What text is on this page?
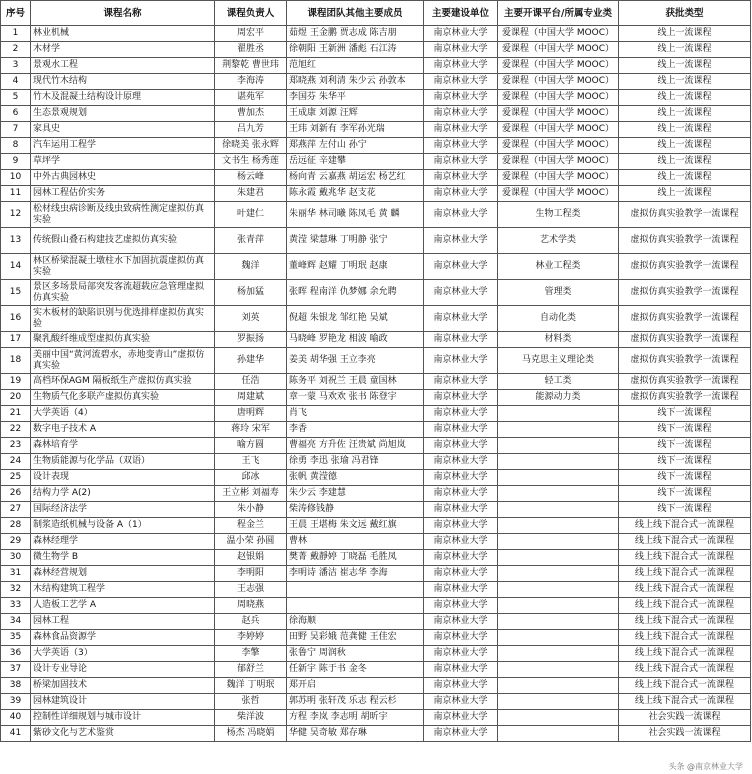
序号	课程名称	课程负责人	课程团队其他主要成员	主要建设单位	主要开课平台/所属专业类	获批类型
1	林业机械	周宏平	茹煜 王金鹏 贾志成 陈吉朋	南京林业大学	爱课程（中国大学 MOOC）	线上一流课程
2	木材学	翟胜丞	徐朝阳 王新洲 潘彪 石江涛	南京林业大学	爱课程（中国大学 MOOC）	线上一流课程
3	景观水工程	荆黎乾 曹世玮	范旭红	南京林业大学	爱课程（中国大学 MOOC）	线上一流课程
4	现代竹木结构	李海涛	郑晓燕 刘利清 朱少云 孙敦本	南京林业大学	爱课程（中国大学 MOOC）	线上一流课程
5	竹木及混凝土结构设计原理	谌苑军	李国芬 朱华平	南京林业大学	爱课程（中国大学 MOOC）	线上一流课程
6	生态景观规划	曹加杰	王成康 刘源 汪辉	南京林业大学	爱课程（中国大学 MOOC）	线上一流课程
7	家具史	吕九芳	王玮 刘新有 李军孙光瑞	南京林业大学	爱课程（中国大学 MOOC）	线上一流课程
8	汽车运用工程学	徐晓美 张永辉	郑燕萍 左付山 孙宁	南京林业大学	爱课程（中国大学 MOOC）	线上一流课程
9	草坪学	文书生 杨秀莲	岳远征 辛建攀	南京林业大学	爱课程（中国大学 MOOC）	线上一流课程
10	中外古典园林史	杨云峰	杨向青 云嘉燕 胡运宏 杨艺红	南京林业大学	爱课程（中国大学 MOOC）	线上一流课程
11	园林工程估价实务	朱建君	陈永霞 戴兆华 赵支花	南京林业大学	爱课程（中国大学 MOOC）	线上一流课程
12	松材线虫病诊断及线虫致病性测定虚拟仿真实验	叶建仁	朱丽华 林司曦 陈凤毛 黄 麟	南京林业大学	生物工程类	虚拟仿真实验教学一流课程
13	传统假山叠石构建技艺虚拟仿真实验	张青萍	黄滢 梁慧琳 丁明静 张宁	南京林业大学	艺术学类	虚拟仿真实验教学一流课程
14	林区桥梁混凝土墩柱水下加固抗震虚拟仿真实验	魏洋	董峰辉 赵耀 丁明珉 赵康	南京林业大学	林业工程类	虚拟仿真实验教学一流课程
15	景区多场景局部突发客流超载应急管理虚拟仿真实验	杨加猛	张晖 程南洋 仇梦娜 余允聘	南京林业大学	管理类	虚拟仿真实验教学一流课程
16	实木板材的缺陷识别与优选排样虚拟仿真实验	刘英	倪超 朱银龙 邹红艳 吴斌	南京林业大学	自动化类	虚拟仿真实验教学一流课程
17	聚乳酸纤维成型虚拟仿真实验	罗振扬	马晓峰 罗艳龙 相波 喻政	南京林业大学	材料类	虚拟仿真实验教学一流课程
18	美丽中国“黄河流碧水，赤地变青山”虚拟仿真实验	孙建华	姜美 胡华强 王立李亮	南京林业大学	马克思主义理论类	虚拟仿真实验教学一流课程
19	高档环保AGM 隔板纸生产虚拟仿真实验	任浩	陈务平 刘祝兰 王晨 童国林	南京林业大学	轻工类	虚拟仿真实验教学一流课程
20	生物质气化多联产虚拟仿真实验	周建斌	章一蒙 马欢欢 张书 陈登宇	南京林业大学	能源动力类	虚拟仿真实验教学一流课程
21	大学英语（4）	唐明辉	肖飞	南京林业大学		线下一流课程
22	数字电子技术 A	蒋玲 宋军	李香	南京林业大学		线下一流课程
23	森林培育学	喻方圆	曹福亮 方升佐 汪贵斌 尚旭岚	南京林业大学		线下一流课程
24	生物质能源与化学品（双语）	王飞	徐勇 李迅 张瑜 冯君锋	南京林业大学		线下一流课程
25	设计表现	邱冰	张帆 黄滢德	南京林业大学		线下一流课程
26	结构力学 A(2)	王立彬 刘福寿	朱少云 李建慧	南京林业大学		线下一流课程
27	国际经济法学	朱小静	柴涛修钱静	南京林业大学		线下一流课程
28	制浆造纸机械与设备 A（1）	程金兰	王晨 王堪梅 朱文远 戴红旗	南京林业大学		线上线下混合式一流课程
29	森林经理学	温小荣 孙圆	曹林	南京林业大学		线上线下混合式一流课程
30	微生物学 B	赵银娟	樊菁 戴靜婷 丁晓磊 毛胜凤	南京林业大学		线上线下混合式一流课程
31	森林经营规划	李明阳	李明诗 潘洁 崔志华 李海	南京林业大学		线上线下混合式一流课程
32	木结构建筑工程学	王志强		南京林业大学		线上线下混合式一流课程
33	人造板工艺学 A	周晓燕		南京林业大学		线上线下混合式一流课程
34	园林工程	赵兵	徐海顺	南京林业大学		线上线下混合式一流课程
35	森林食品资源学	李婷婷	田野 吴彩娥 范龚健 王佳宏	南京林业大学		线上线下混合式一流课程
36	大学英语（3）	李擎	张鲁宁 周润秋	南京林业大学		线上线下混合式一流课程
37	设计专业导论	郁舒兰	任新宇 陈于书 金冬	南京林业大学		线上线下混合式一流课程
38	桥梁加固技术	魏洋 丁明珉	郑开启	南京林业大学		线上线下混合式一流课程
39	园林建筑设计	张哲	郭苏明 张轩茂 乐志 程云杉	南京林业大学		线上线下混合式一流课程
40	控制性详细规划与城市设计	柴洋波	方程 李岚 李志明 胡昕宇	南京林业大学		社会实践一流课程
41	紫砂文化与艺术鉴赏	杨杰 冯晓娟	华健 吴奇敏 郑存琳	南京林业大学		社会实践一流课程
头条 @南京林业大学
